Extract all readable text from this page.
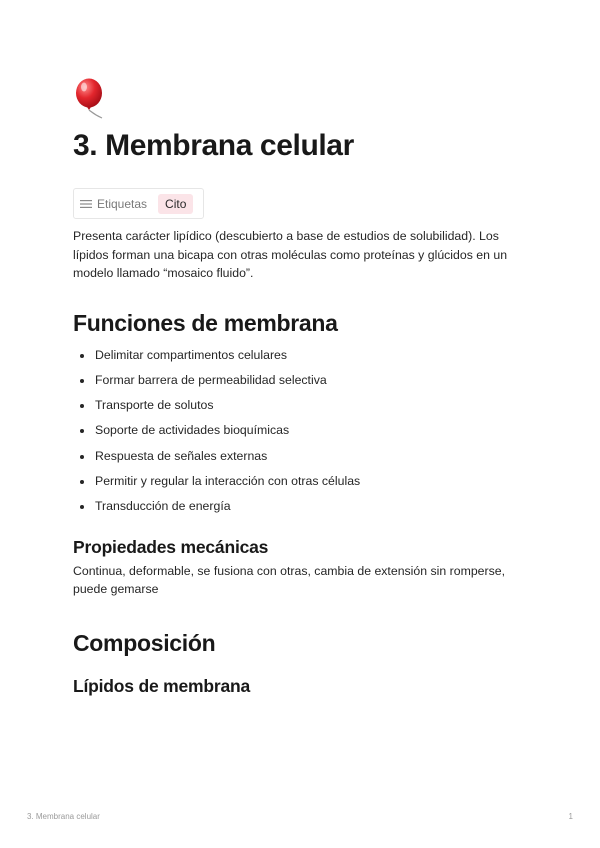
3. Membrana celular
Etiquetas	Cito

Presenta carácter lipídico (descubierto a base de estudios de solubilidad). Los lípidos forman una bicapa con otras moléculas como proteínas y glúcidos en un modelo llamado “mosaico fluido”.

Funciones de membrana
Delimitar compartimentos celulares
Formar barrera de permeabilidad selectiva
Transporte de solutos
Soporte de actividades bioquímicas
Respuesta de señales externas
Permitir y regular la interacción con otras células
Transducción de energía
Propiedades mecánicas

Continua, deformable, se fusiona con otras, cambia de extensión sin romperse, puede gemarse

Composición
Lípidos de membrana
3. Membrana celular	1
